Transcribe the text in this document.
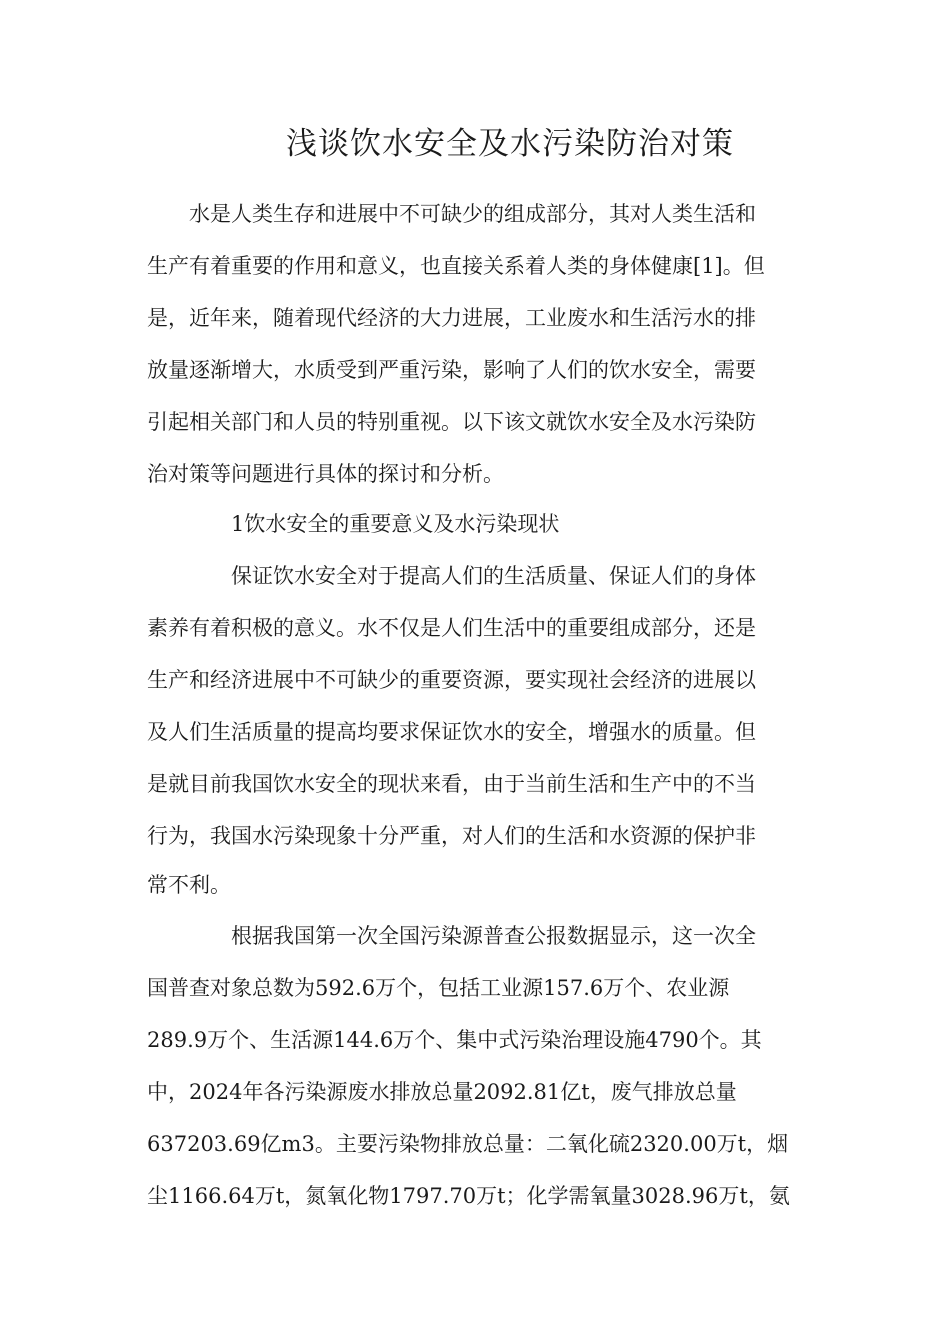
浅谈饮水安全及水污染防治对策
　　水是人类生存和进展中不可缺少的组成部分，其对人类生活和
生产有着重要的作用和意义，也直接关系着人类的身体健康[1]。但
是，近年来，随着现代经济的大力进展，工业废水和生活污水的排
放量逐渐增大，水质受到严重污染，影响了人们的饮水安全，需要
引起相关部门和人员的特别重视。以下该文就饮水安全及水污染防
治对策等问题进行具体的探讨和分析。
　　　　1饮水安全的重要意义及水污染现状
　　　　保证饮水安全对于提高人们的生活质量、保证人们的身体
素养有着积极的意义。水不仅是人们生活中的重要组成部分，还是
生产和经济进展中不可缺少的重要资源，要实现社会经济的进展以
及人们生活质量的提高均要求保证饮水的安全，增强水的质量。但
是就目前我国饮水安全的现状来看，由于当前生活和生产中的不当
行为，我国水污染现象十分严重，对人们的生活和水资源的保护非
常不利。
　　　　根据我国第一次全国污染源普查公报数据显示，这一次全
国普查对象总数为592.6万个，包括工业源157.6万个、农业源
289.9万个、生活源144.6万个、集中式污染治理设施4790个。其
中，2024年各污染源废水排放总量2092.81亿t，废气排放总量
637203.69亿m3。主要污染物排放总量：二氧化硫2320.00万t，烟
尘1166.64万t，氮氧化物1797.70万t；化学需氧量3028.96万t，氨
